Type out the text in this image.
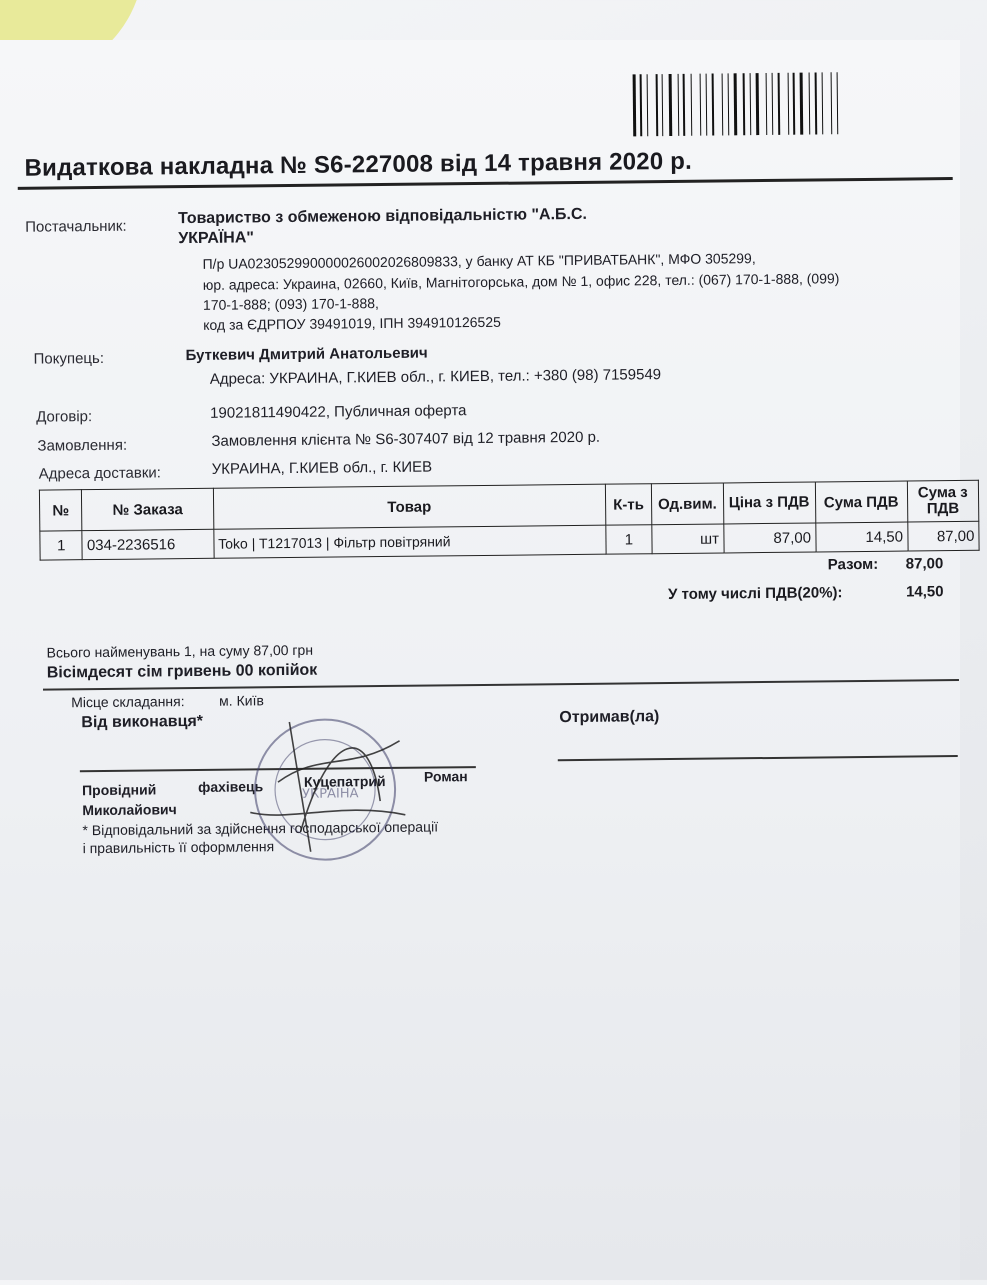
Видаткова накладна № S6-227008 від 14 травня 2020 р.
Постачальник:	Товариство з обмеженою відповідальністю "А.Б.С.
УКРАЇНА"
П/р UA023052990000026002026809833, у банку АТ КБ "ПРИВАТБАНК", МФО 305299,
юр. адреса: Украина, 02660, Київ, Магнітогорська, дом № 1, офис 228, тел.: (067) 170-1-888, (099)
170-1-888; (093) 170-1-888,
код за ЄДРПОУ 39491019, ІПН 394910126525
Покупець:	Буткевич Дмитрий Анатольевич
Адреса: УКРАИНА, Г.КИЕВ обл., г. КИЕВ, тел.: +380 (98) 7159549
Договір:	19021811490422, Публичная оферта
Замовлення:	Замовлення клієнта № S6-307407 від 12 травня 2020 р.
Адреса доставки:	УКРАИНА, Г.КИЕВ обл., г. КИЕВ
№	№ Заказа	Товар	К-ть	Од.вим.	Ціна з ПДВ	Сума ПДВ	Сума з ПДВ
1	034-2236516	Toko | T1217013 | Фільтр повітряний	1	шт	87,00	14,50	87,00
Разом: 87,00
У тому числі ПДВ(20%):	14,50
Всього найменувань 1, на суму 87,00 грн
Вісімдесят сім гривень 00 копійок
Місце складання: м. Київ
Від виконавця*	Отримав(ла)
Провідний	фахівець	Куцепатрий	Роман
Миколайович
* Відповідальний за здійснення господарської операції
і правильність її оформлення
УКРАЇНА
